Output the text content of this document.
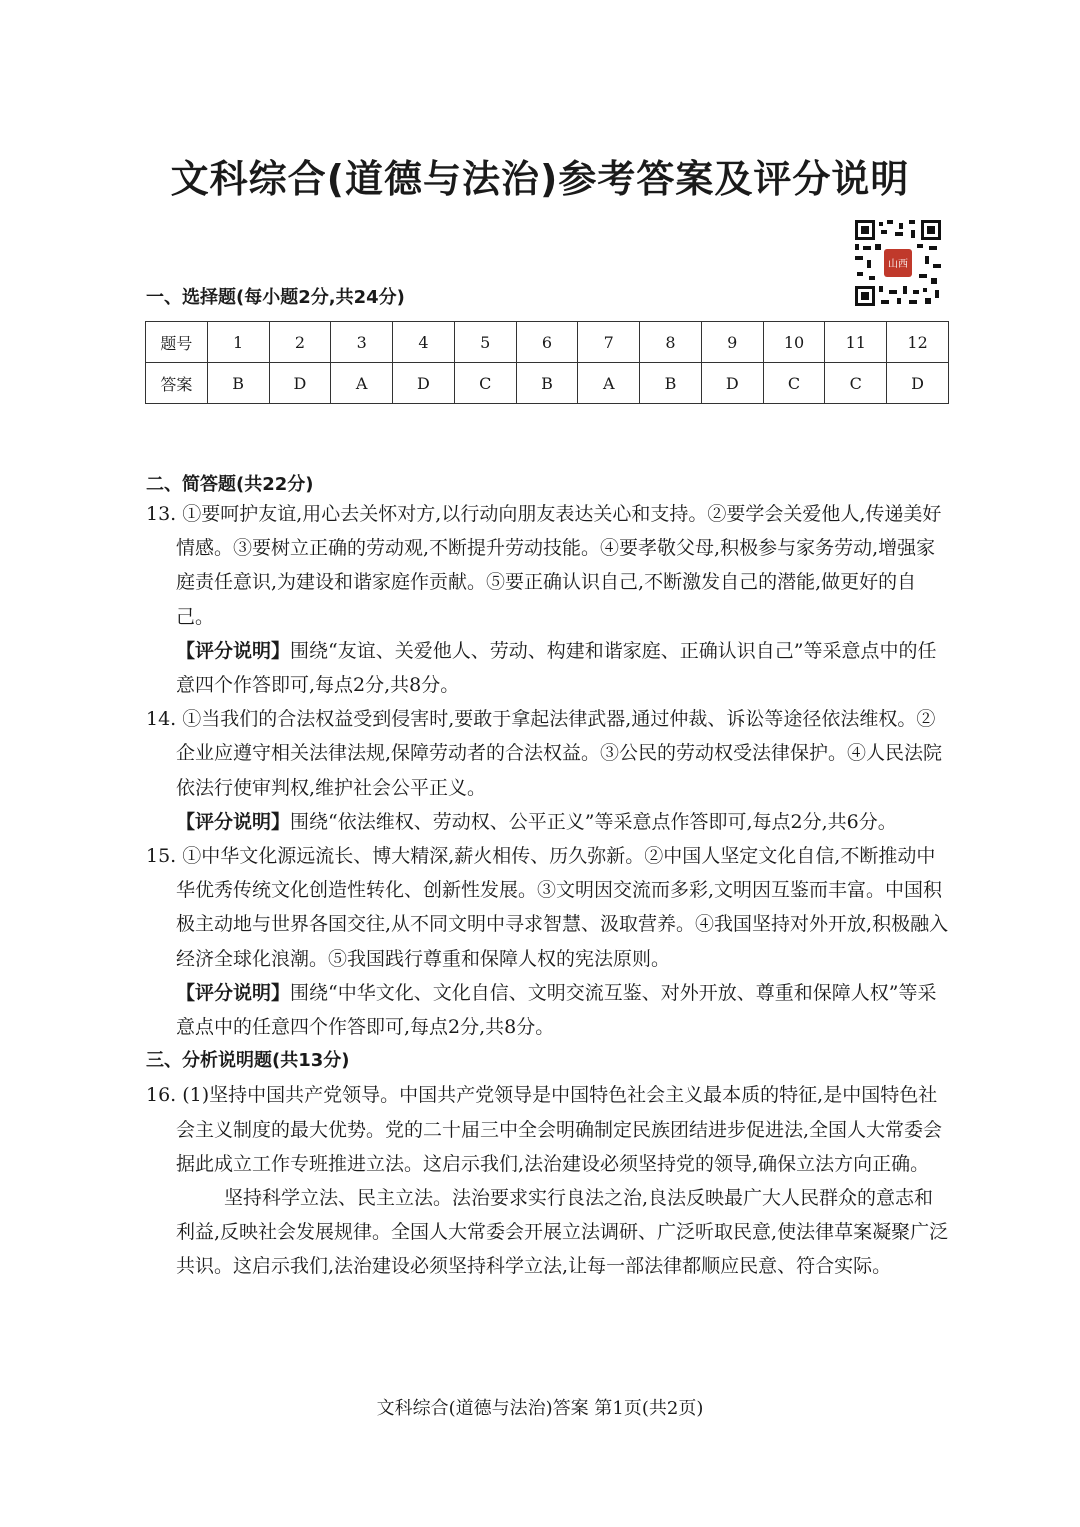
文科综合(道德与法治)参考答案及评分说明
山西
一、选择题(每小题2分,共24分)
题号	1	2	3	4	5	6	7	8	9	10	11	12
答案	B	D	A	D	C	B	A	B	D	C	C	D
二、简答题(共22分)
13. ①要呵护友谊,用心去关怀对方,以行动向朋友表达关心和支持。②要学会关爱他人,传递美好情感。③要树立正确的劳动观,不断提升劳动技能。④要孝敬父母,积极参与家务劳动,增强家庭责任意识,为建设和谐家庭作贡献。⑤要正确认识自己,不断激发自己的潜能,做更好的自己。
【评分说明】围绕“友谊、关爱他人、劳动、构建和谐家庭、正确认识自己”等采意点中的任意四个作答即可,每点2分,共8分。
14. ①当我们的合法权益受到侵害时,要敢于拿起法律武器,通过仲裁、诉讼等途径依法维权。②企业应遵守相关法律法规,保障劳动者的合法权益。③公民的劳动权受法律保护。④人民法院依法行使审判权,维护社会公平正义。
【评分说明】围绕“依法维权、劳动权、公平正义”等采意点作答即可,每点2分,共6分。
15. ①中华文化源远流长、博大精深,薪火相传、历久弥新。②中国人坚定文化自信,不断推动中华优秀传统文化创造性转化、创新性发展。③文明因交流而多彩,文明因互鉴而丰富。中国积极主动地与世界各国交往,从不同文明中寻求智慧、汲取营养。④我国坚持对外开放,积极融入经济全球化浪潮。⑤我国践行尊重和保障人权的宪法原则。
【评分说明】围绕“中华文化、文化自信、文明交流互鉴、对外开放、尊重和保障人权”等采意点中的任意四个作答即可,每点2分,共8分。
三、分析说明题(共13分)
16. (1)坚持中国共产党领导。中国共产党领导是中国特色社会主义最本质的特征,是中国特色社会主义制度的最大优势。党的二十届三中全会明确制定民族团结进步促进法,全国人大常委会据此成立工作专班推进立法。这启示我们,法治建设必须坚持党的领导,确保立法方向正确。
坚持科学立法、民主立法。法治要求实行良法之治,良法反映最广大人民群众的意志和利益,反映社会发展规律。全国人大常委会开展立法调研、广泛听取民意,使法律草案凝聚广泛共识。这启示我们,法治建设必须坚持科学立法,让每一部法律都顺应民意、符合实际。
文科综合(道德与法治)答案 第1页(共2页)
